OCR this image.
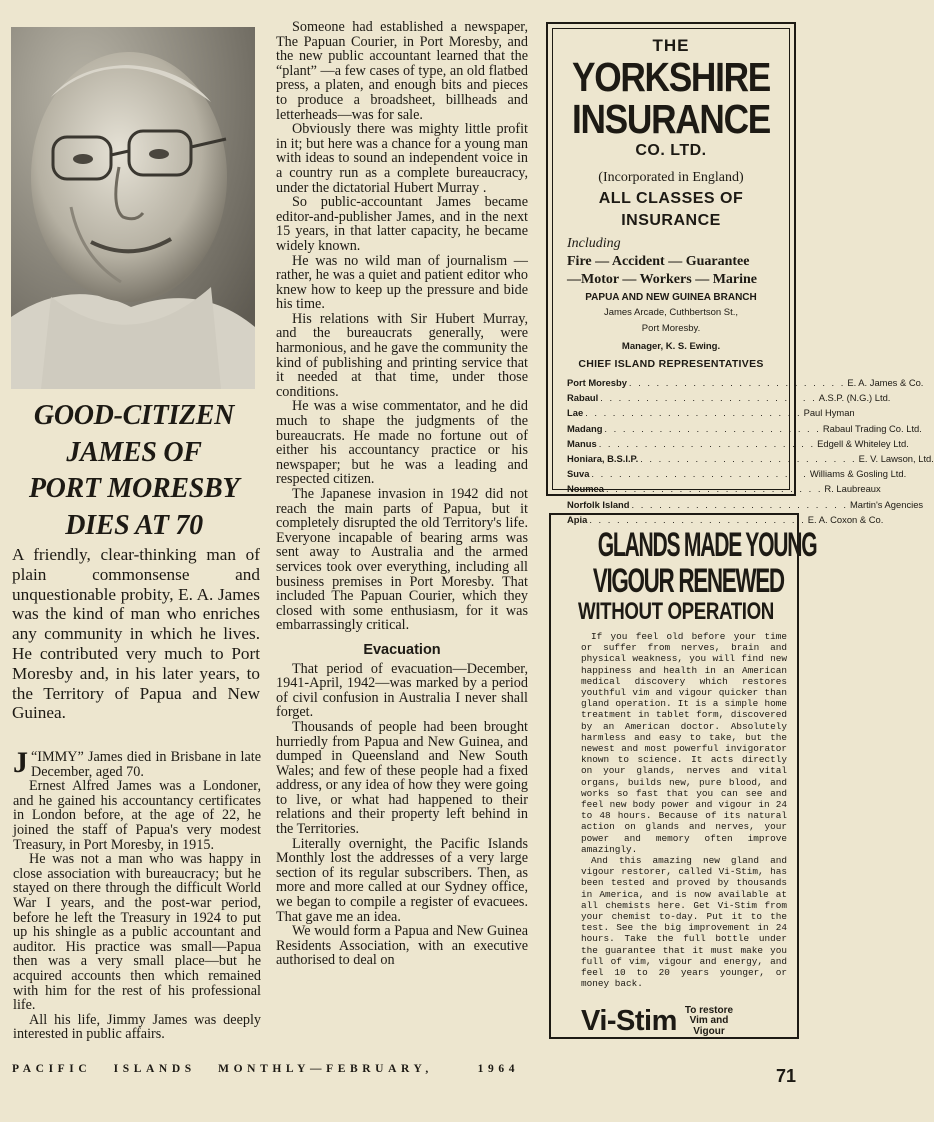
GOOD-CITIZEN
JAMES OF
PORT MORESBY
DIES AT 70

A friendly, clear-thinking man of plain commonsense and unquestionable probity, E. A. James was the kind of man who enriches any community in which he lives. He contributed very much to Port Moresby and, in his later years, to the Territory of Papua and New Guinea.

J “IMMY” James died in Brisbane in late December, aged 70.

Ernest Alfred James was a Londoner, and he gained his accountancy certificates in London before, at the age of 22, he joined the staff of Papua's very modest Treasury, in Port Moresby, in 1915.

He was not a man who was happy in close association with bureaucracy; but he stayed on there through the difficult World War I years, and the post-war period, before he left the Treasury in 1924 to put up his shingle as a public accountant and auditor. His practice was small—Papua then was a very small place—but he acquired accounts then which remained with him for the rest of his professional life.

All his life, Jimmy James was deeply interested in public affairs.

Someone had established a newspaper, The Papuan Courier, in Port Moresby, and the new public accountant learned that the “plant” —a few cases of type, an old flatbed press, a platen, and enough bits and pieces to produce a broadsheet, billheads and letterheads—was for sale.

Obviously there was mighty little profit in it; but here was a chance for a young man with ideas to sound an independent voice in a country run as a complete bureaucracy, under the dictatorial Hubert Murray .

So public-accountant James became editor-and-publisher James, and in the next 15 years, in that latter capacity, he became widely known.

He was no wild man of journalism —rather, he was a quiet and patient editor who knew how to keep up the pressure and bide his time.

His relations with Sir Hubert Murray, and the bureaucrats generally, were harmonious, and he gave the community the kind of publishing and printing service that it needed at that time, under those conditions.

He was a wise commentator, and he did much to shape the judgments of the bureaucrats. He made no fortune out of either his accountancy practice or his newspaper; but he was a leading and respected citizen.

The Japanese invasion in 1942 did not reach the main parts of Papua, but it completely disrupted the old Territory's life. Everyone incapable of bearing arms was sent away to Australia and the armed services took over everything, including all business premises in Port Moresby. That included The Papuan Courier, which they closed with some enthusiasm, for it was embarrassingly critical.

Evacuation

That period of evacuation—December, 1941-April, 1942—was marked by a period of civil confusion in Australia I never shall forget.

Thousands of people had been brought hurriedly from Papua and New Guinea, and dumped in Queensland and New South Wales; and few of these people had a fixed address, or any idea of how they were going to live, or what had happened to their relations and their property left behind in the Territories.

Literally overnight, the Pacific Islands Monthly lost the addresses of a very large section of its regular subscribers. Then, as more and more called at our Sydney office, we began to compile a register of evacuees. That gave me an idea.

We would form a Papua and New Guinea Residents Association, with an executive authorised to deal on

THE
YORKSHIRE
INSURANCE
CO. LTD.
(Incorporated in England)
ALL CLASSES OF
INSURANCE
Including
Fire — Accident — Guarantee
—Motor — Workers — Marine
PAPUA AND NEW GUINEA BRANCH
James Arcade, Cuthbertson St.,
Port Moresby.
Manager, K. S. Ewing.
CHIEF ISLAND REPRESENTATIVES
Port Moresby . . . . . . . . . . . . . . . . . . . . . . . . E. A. James & Co.
Rabaul . . . . . . . . . . . . . . . . . . . . . . . . A.S.P. (N.G.) Ltd.
Lae . . . . . . . . . . . . . . . . . . . . . . . . Paul Hyman
Madang . . . . . . . . . . . . . . . . . . . . . . . . Rabaul Trading Co. Ltd.
Manus . . . . . . . . . . . . . . . . . . . . . . . . Edgell & Whiteley Ltd.
Honiara, B.S.I.P. . . . . . . . . . . . . . . . . . . . . . . . . E. V. Lawson, Ltd.
Suva . . . . . . . . . . . . . . . . . . . . . . . . Williams & Gosling Ltd.
Noumea . . . . . . . . . . . . . . . . . . . . . . . . R. Laubreaux
Norfolk Island . . . . . . . . . . . . . . . . . . . . . . . . Martin's Agencies
Apia . . . . . . . . . . . . . . . . . . . . . . . . E. A. Coxon & Co.
GLANDS MADE YOUNG
VIGOUR RENEWED
WITHOUT OPERATION

If you feel old before your time or suffer from nerves, brain and physical weakness, you will find new happiness and health in an American medical discovery which restores youthful vim and vigour quicker than gland operation. It is a simple home treatment in tablet form, discovered by an American doctor. Absolutely harmless and easy to take, but the newest and most powerful invigorator known to science. It acts directly on your glands, nerves and vital organs, builds new, pure blood, and works so fast that you can see and feel new body power and vigour in 24 to 48 hours. Because of its natural action on glands and nerves, your power and memory often improve amazingly.

And this amazing new gland and vigour restorer, called Vi-Stim, has been tested and proved by thousands in America, and is now available at all chemists here. Get Vi-Stim from your chemist to-day. Put it to the test. See the big improvement in 24 hours. Take the full bottle under the guarantee that it must make you full of vim, vigour and energy, and feel 10 to 20 years younger, or money back.

Vi-Stim To restore
Vim and
Vigour
PACIFIC   ISLANDS   MONTHLY—FEBRUARY,      1964	71
